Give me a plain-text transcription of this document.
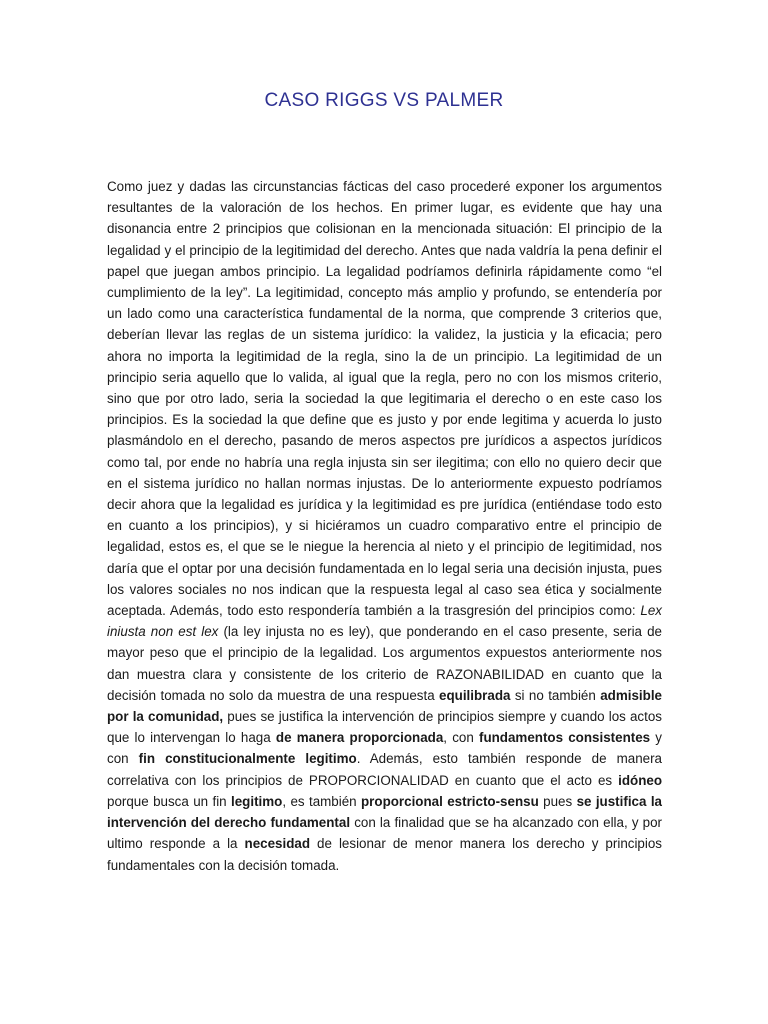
CASO RIGGS VS PALMER

Como juez y dadas las circunstancias fácticas del caso procederé exponer los argumentos resultantes de la valoración de los hechos. En primer lugar, es evidente que hay una disonancia entre 2 principios que colisionan en la mencionada situación: El principio de la legalidad y el principio de la legitimidad del derecho. Antes que nada valdría la pena definir el papel que juegan ambos principio. La legalidad podríamos definirla rápidamente como “el cumplimiento de la ley”. La legitimidad, concepto más amplio y profundo, se entendería por un lado como una característica fundamental de la norma, que comprende 3 criterios que, deberían llevar las reglas de un sistema jurídico: la validez, la justicia y la eficacia; pero ahora no importa la legitimidad de la regla, sino la de un principio. La legitimidad de un principio seria aquello que lo valida, al igual que la regla, pero no con los mismos criterio, sino que por otro lado, seria la sociedad la que legitimaria el derecho o en este caso los principios. Es la sociedad la que define que es justo y por ende legitima y acuerda lo justo plasmándolo en el derecho, pasando de meros aspectos pre jurídicos a aspectos jurídicos como tal, por ende no habría una regla injusta sin ser ilegitima; con ello no quiero decir que en el sistema jurídico no hallan normas injustas. De lo anteriormente expuesto podríamos decir ahora que la legalidad es jurídica y la legitimidad es pre jurídica (entiéndase todo esto en cuanto a los principios), y si hiciéramos un cuadro comparativo entre el principio de legalidad, estos es, el que se le niegue la herencia al nieto y el principio de legitimidad, nos daría que el optar por una decisión fundamentada en lo legal seria una decisión injusta, pues los valores sociales no nos indican que la respuesta legal al caso sea ética y socialmente aceptada. Además, todo esto respondería también a la trasgresión del principios como: Lex iniusta non est lex (la ley injusta no es ley), que ponderando en el caso presente, seria de mayor peso que el principio de la legalidad. Los argumentos expuestos anteriormente nos dan muestra clara y consistente de los criterio de RAZONABILIDAD en cuanto que la decisión tomada no solo da muestra de una respuesta equilibrada si no también admisible por la comunidad, pues se justifica la intervención de principios siempre y cuando los actos que lo intervengan lo haga de manera proporcionada, con fundamentos consistentes y con fin constitucionalmente legitimo. Además, esto también responde de manera correlativa con los principios de PROPORCIONALIDAD en cuanto que el acto es idóneo porque busca un fin legitimo, es también proporcional estricto-sensu pues se justifica la intervención del derecho fundamental con la finalidad que se ha alcanzado con ella, y por ultimo responde a la necesidad de lesionar de menor manera los derecho y principios fundamentales con la decisión tomada.
